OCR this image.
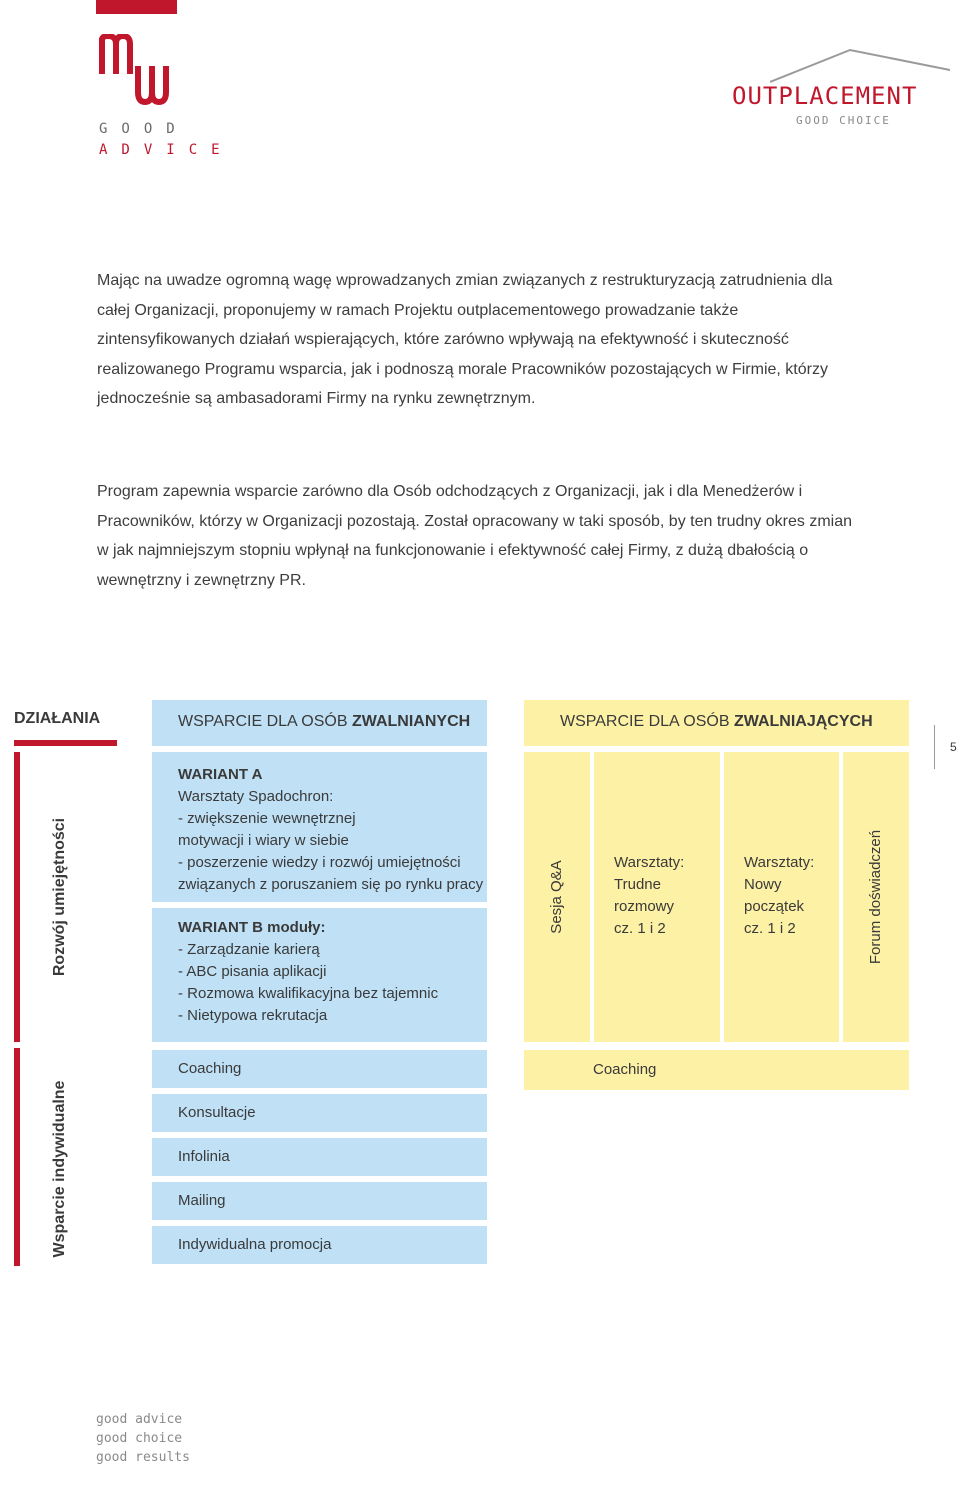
GOOD
ADVICE
OUTPLACEMENT
GOOD CHOICE
Mając na uwadze ogromną wagę wprowadzanych zmian związanych z restrukturyzacją zatrudnienia dla całej Organizacji, proponujemy w ramach Projektu outplacementowego prowadzanie także zintensyfikowanych działań wspierających, które zarówno wpływają na efektywność i skuteczność realizowanego Programu wsparcia, jak i podnoszą morale Pracowników pozostających w Firmie, którzy jednocześnie są ambasadorami Firmy na rynku zewnętrznym.
Program zapewnia wsparcie zarówno dla Osób odchodzących z Organizacji, jak i dla Menedżerów i Pracowników, którzy w Organizacji pozostają. Został opracowany w taki sposób, by ten trudny okres zmian w jak najmniejszym stopniu wpłynął na funkcjonowanie i efektywność całej Firmy, z dużą dbałością o wewnętrzny i zewnętrzny PR.
DZIAŁANIA	WSPARCIE DLA OSÓB ZWALNIANYCH	WSPARCIE DLA OSÓB ZWALNIAJĄCYCH
5
Rozwój umiejętności
WARIANT A
Warsztaty Spadochron:
- zwiększenie wewnętrznej
motywacji i wiary w siebie
- poszerzenie wiedzy i rozwój umiejętności
związanych z poruszaniem się po rynku pracy
WARIANT B moduły:
- Zarządzanie karierą
- ABC pisania aplikacji
- Rozmowa kwalifikacyjna bez tajemnic
- Nietypowa rekrutacja
Sesja Q&A	Warsztaty:
Trudne
rozmowy
cz. 1 i 2
Warsztaty:
Nowy
początek
cz. 1 i 2	Forum doświadczeń
Wsparcie indywidualne
Coaching
Konsultacje
Infolinia
Mailing
Indywidualna promocja
Coaching
good advice
good choice
good results
